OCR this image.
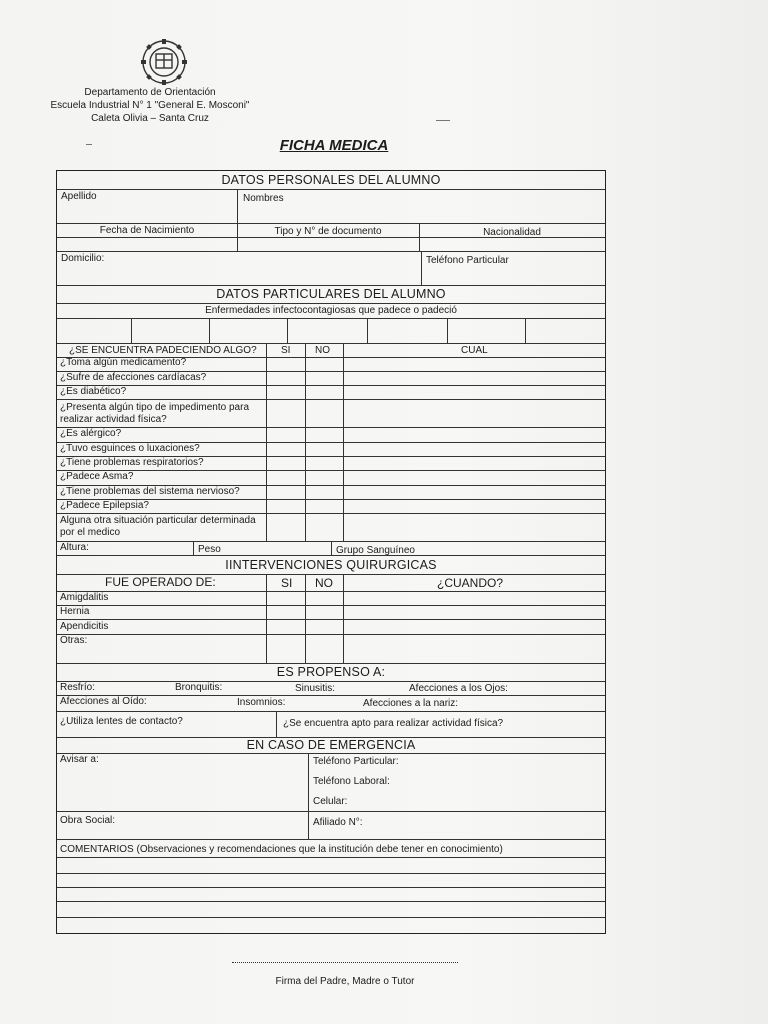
Departamento de Orientación
Escuela Industrial N° 1 "General E. Mosconi"
Caleta Olivia – Santa Cruz
FICHA MEDICA
DATOS PERSONALES DEL ALUMNO
Apellido	Nombres
Fecha de Nacimiento	Tipo y N° de documento	Nacionalidad
Domicilio:	Teléfono Particular
DATOS PARTICULARES DEL ALUMNO
Enfermedades infectocontagiosas que padece o padeció
¿SE ENCUENTRA PADECIENDO ALGO? SI NO	CUAL
¿Toma algún medicamento?
¿Sufre de afecciones cardíacas?
¿Es diabético?
¿Presenta algún tipo de impedimento para realizar actividad física?
¿Es alérgico?
¿Tuvo esguinces o luxaciones?
¿Tiene problemas respiratorios?
¿Padece Asma?
¿Tiene problemas del sistema nervioso?
¿Padece Epilepsia?
Alguna otra situación particular determinada por el medico
Altura:	Peso	Grupo Sanguíneo
IINTERVENCIONES QUIRURGICAS
FUE OPERADO DE:	SI NO	¿CUANDO?
Amigdalitis
Hernia
Apendicitis
Otras:
ES PROPENSO A:
Resfrío:	Bronquitis:	Sinusitis:	Afecciones a los Ojos:
Afecciones al Oído:	Insomnios:	Afecciones a la nariz:
¿Utiliza lentes de contacto?	¿Se encuentra apto para realizar actividad física?
EN CASO DE EMERGENCIA
Avisar a:	Teléfono Particular:
Teléfono Laboral:
Celular:
Obra Social:	Afiliado N°:
COMENTARIOS (Observaciones y recomendaciones que la institución debe tener en conocimiento)
Firma del Padre, Madre o Tutor
